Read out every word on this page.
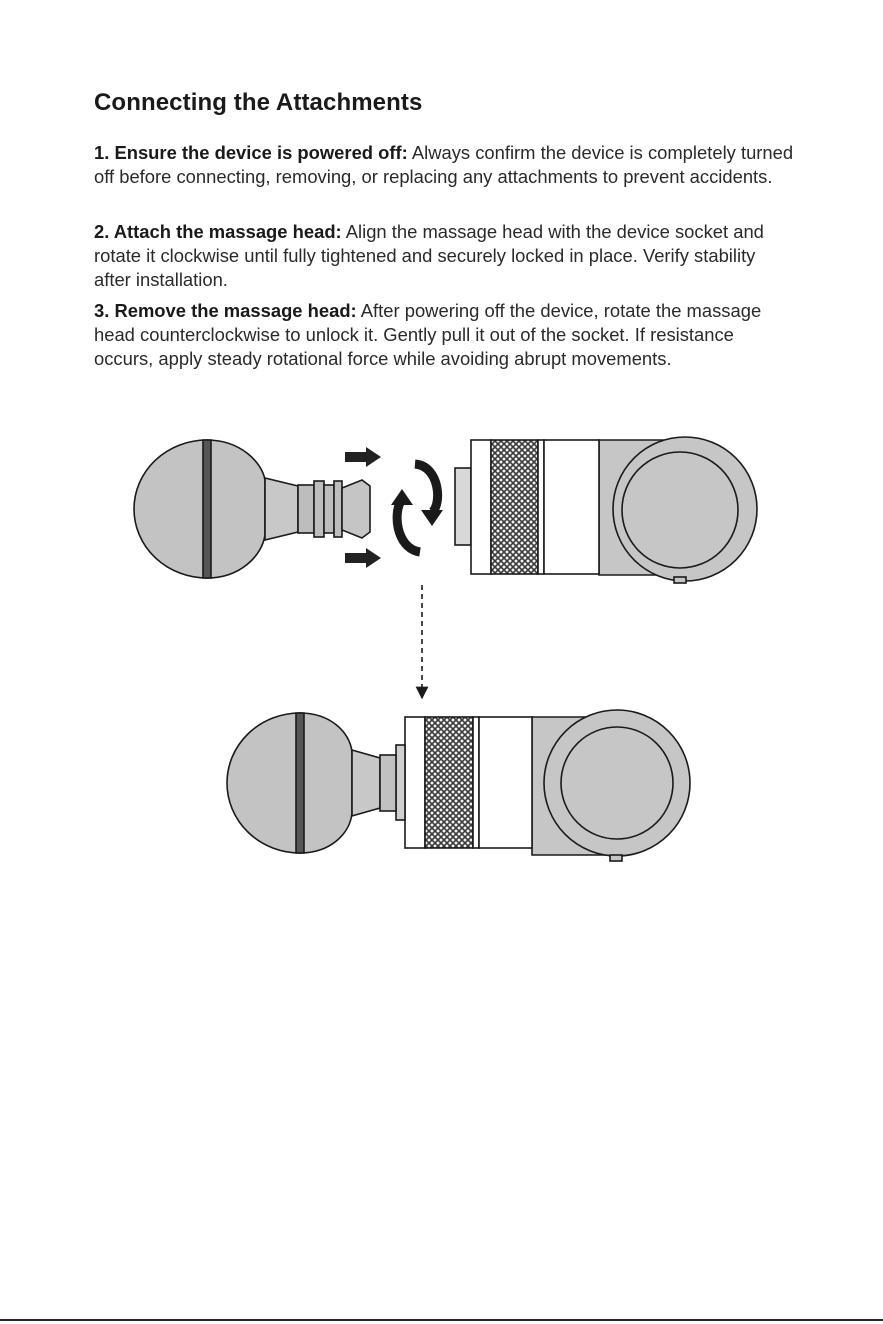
Connecting the Attachments

1. Ensure the device is powered off: Always confirm the device is completely turned off before connecting, removing, or replacing any attachments to prevent accidents.

2. Attach the massage head: Align the massage head with the device socket and rotate it clockwise until fully tightened and securely locked in place. Verify stability after installation.

3. Remove the massage head: After powering off the device, rotate the massage head counterclockwise to unlock it. Gently pull it out of the socket. If resistance occurs, apply steady rotational force while avoiding abrupt movements.
